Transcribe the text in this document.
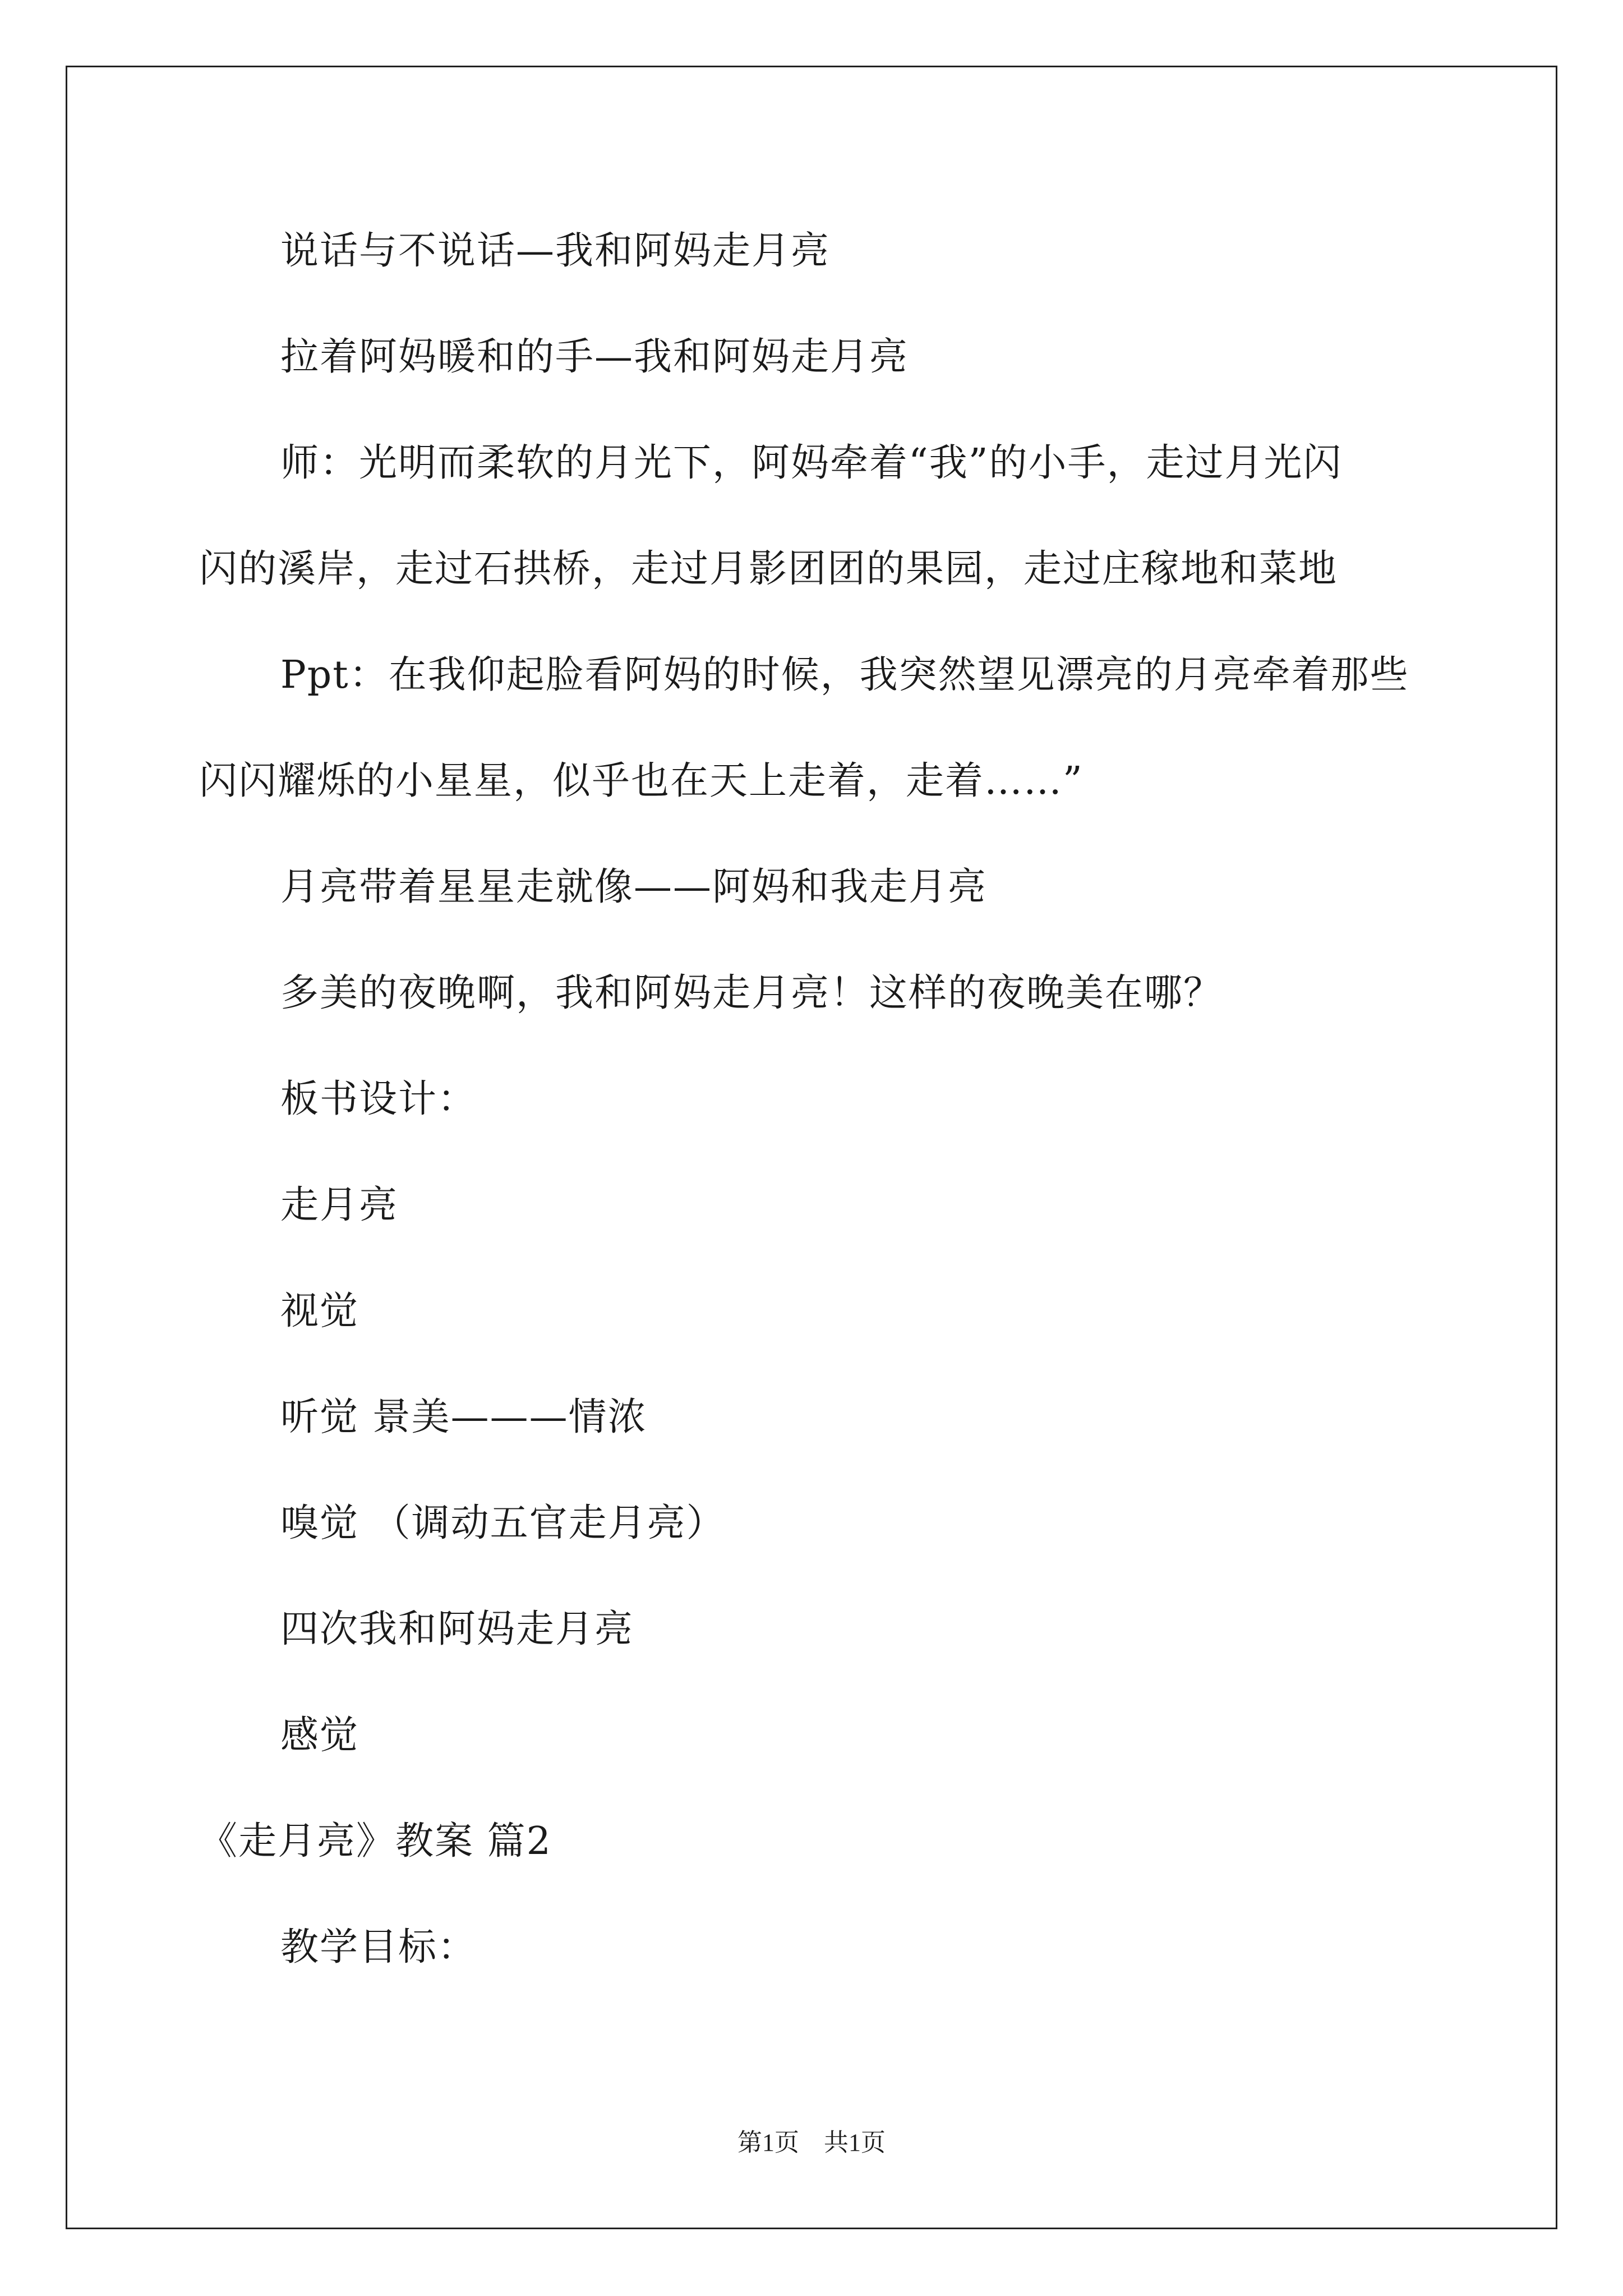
说话与不说话—我和阿妈走月亮
拉着阿妈暖和的手—我和阿妈走月亮
师：光明而柔软的月光下，阿妈牵着“我”的小手，走过月光闪
闪的溪岸，走过石拱桥，走过月影团团的果园，走过庄稼地和菜地
Ppt：在我仰起脸看阿妈的时候，我突然望见漂亮的月亮牵着那些
闪闪耀烁的小星星，似乎也在天上走着，走着……”
月亮带着星星走就像——阿妈和我走月亮
多美的夜晚啊，我和阿妈走月亮！这样的夜晚美在哪？
板书设计：
走月亮
视觉
听觉 景美———情浓
嗅觉 （调动五官走月亮）
四次我和阿妈走月亮
感觉
《走月亮》教案 篇2
教学目标：
第1页　共1页
